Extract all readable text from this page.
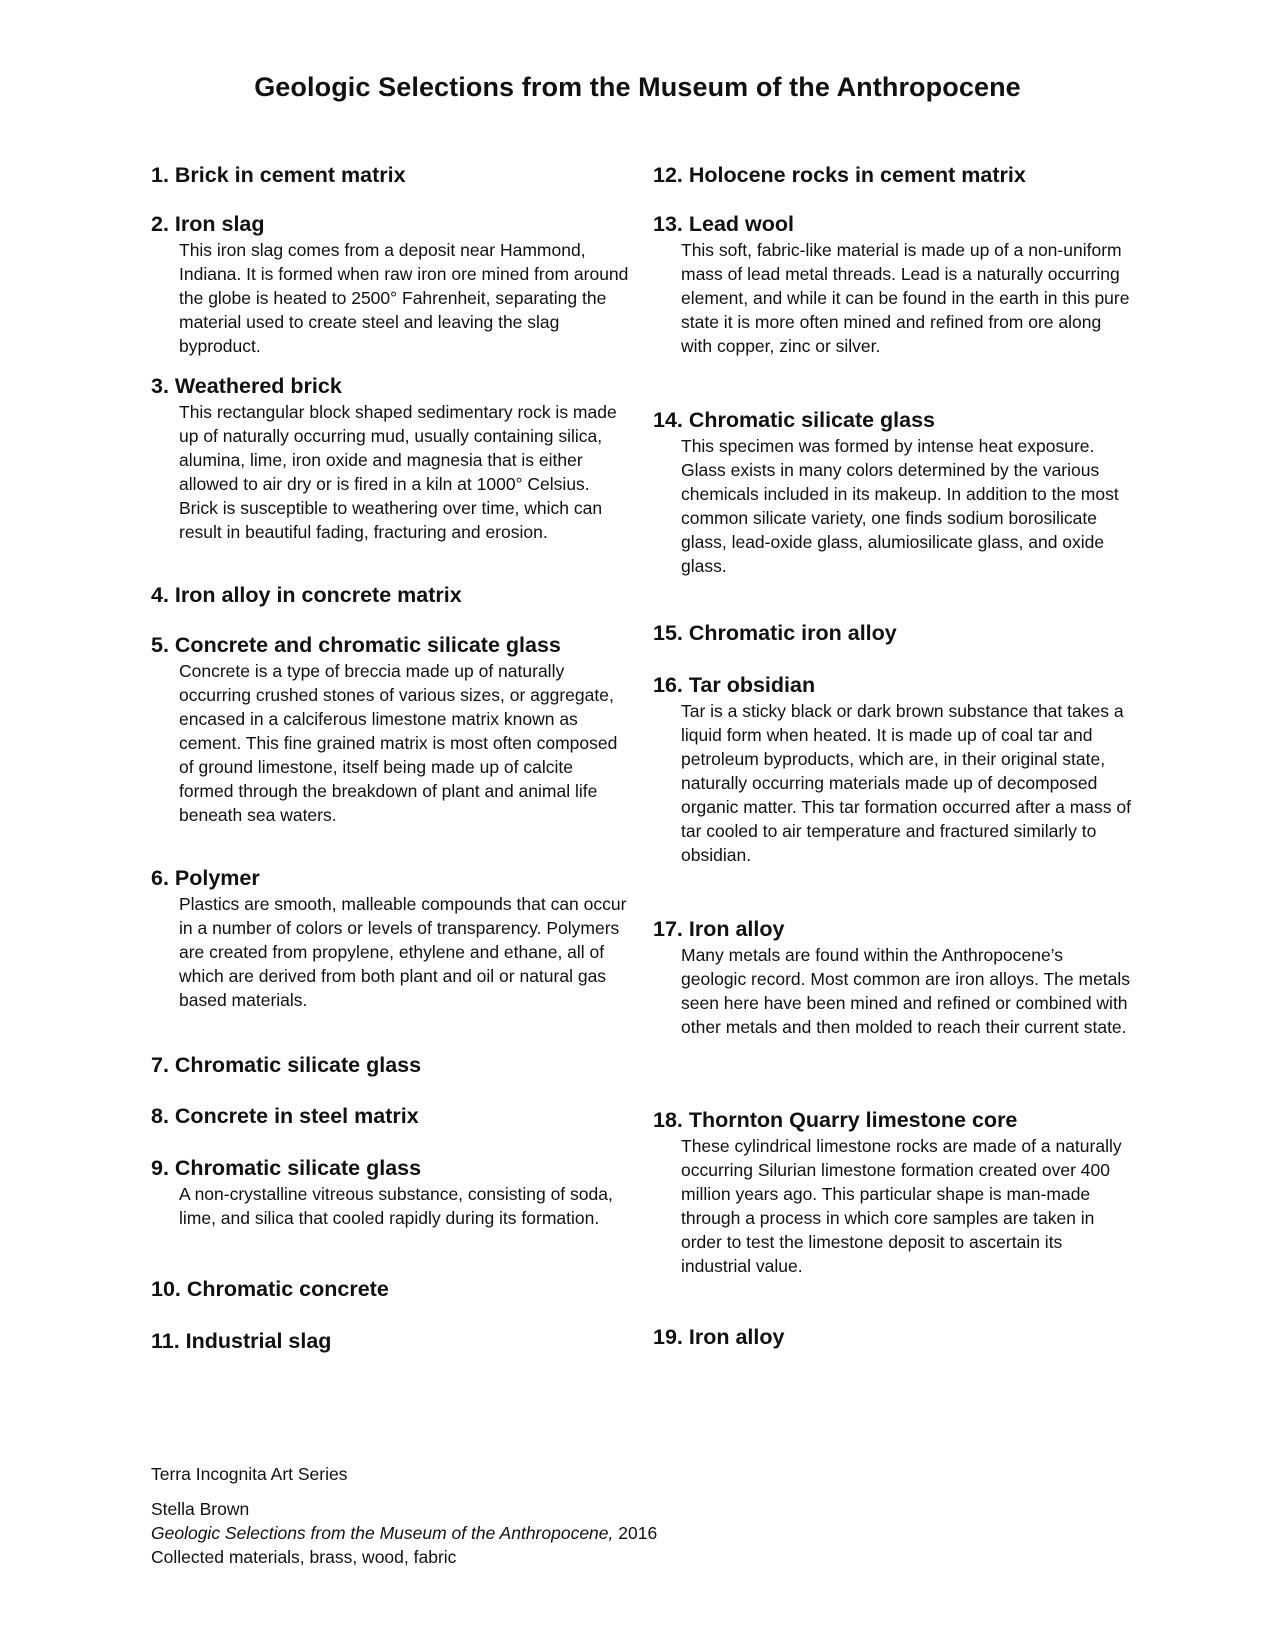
Geologic Selections from the Museum of the Anthropocene

1. Brick in cement matrix

2. Iron slag

This iron slag comes from a deposit near Hammond, Indiana. It is formed when raw iron ore mined from around the globe is heated to 2500° Fahrenheit, separating the material used to create steel and leaving the slag byproduct.

3. Weathered brick

This rectangular block shaped sedimentary rock is made up of naturally occurring mud, usually containing silica, alumina, lime, iron oxide and magnesia that is either allowed to air dry or is fired in a kiln at 1000° Celsius. Brick is susceptible to weathering over time, which can result in beautiful fading, fracturing and erosion.

4. Iron alloy in concrete matrix

5. Concrete and chromatic silicate glass

Concrete is a type of breccia made up of naturally occurring crushed stones of various sizes, or aggregate, encased in a calciferous limestone matrix known as cement. This fine grained matrix is most often composed of ground limestone, itself being made up of calcite formed through the breakdown of plant and animal life beneath sea waters.

6. Polymer

Plastics are smooth, malleable compounds that can occur in a number of colors or levels of transparency. Polymers are created from propylene, ethylene and ethane, all of which are derived from both plant and oil or natural gas based materials.

7. Chromatic silicate glass

8. Concrete in steel matrix

9. Chromatic silicate glass

A non-crystalline vitreous substance, consisting of soda, lime, and silica that cooled rapidly during its formation.

10. Chromatic concrete

11. Industrial slag

12. Holocene rocks in cement matrix

13. Lead wool

This soft, fabric-like material is made up of a non-uniform mass of lead metal threads. Lead is a naturally occurring element, and while it can be found in the earth in this pure state it is more often mined and refined from ore along with copper, zinc or silver.

14. Chromatic silicate glass

This specimen was formed by intense heat exposure. Glass exists in many colors determined by the various chemicals included in its makeup. In addition to the most common silicate variety, one finds sodium borosilicate glass, lead-oxide glass, alumiosilicate glass, and oxide glass.

15. Chromatic iron alloy

16. Tar obsidian

Tar is a sticky black or dark brown substance that takes a liquid form when heated. It is made up of coal tar and petroleum byproducts, which are, in their original state, naturally occurring materials made up of decomposed organic matter. This tar formation occurred after a mass of tar cooled to air temperature and fractured similarly to obsidian.

17. Iron alloy

Many metals are found within the Anthropocene’s geologic record. Most common are iron alloys. The metals seen here have been mined and refined or combined with other metals and then molded to reach their current state.

18. Thornton Quarry limestone core

These cylindrical limestone rocks are made of a naturally occurring Silurian limestone formation created over 400 million years ago. This particular shape is man-made through a process in which core samples are taken in order to test the limestone deposit to ascertain its industrial value.

19. Iron alloy

Terra Incognita Art Series

Stella Brown

Geologic Selections from the Museum of the Anthropocene, 2016

Collected materials, brass, wood, fabric
